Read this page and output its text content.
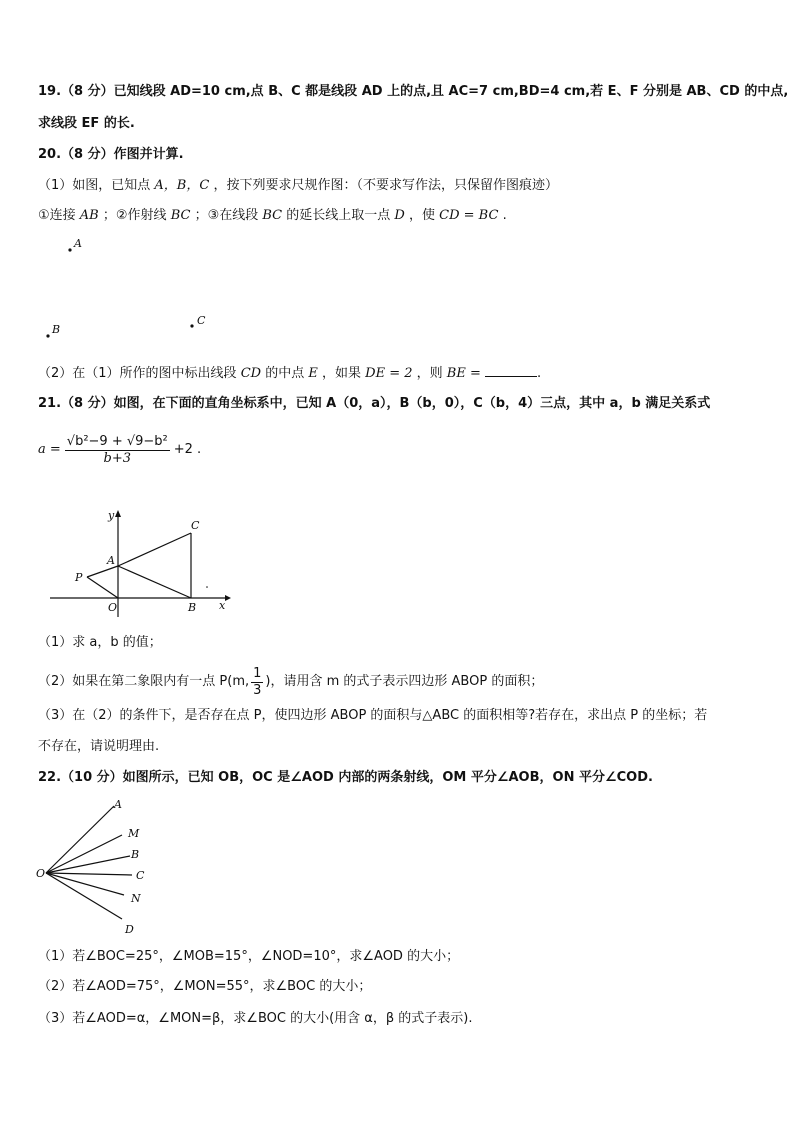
19.（8 分）已知线段 AD=10 cm,点 B、C 都是线段 AD 上的点,且 AC=7 cm,BD=4 cm,若 E、F 分别是 AB、CD 的中点,
求线段 EF 的长.
20.（8 分）作图并计算.
（1）如图，已知点 A，B，C ，按下列要求尺规作图：（不要求写作法，只保留作图痕迹）
①连接 AB ；②作射线 BC ；③在线段 BC 的延长线上取一点 D ，使 CD = BC .
A
B
C
（2）在（1）所作的图中标出线段 CD 的中点 E ，如果 DE = 2 ，则 BE =	.
21.（8 分）如图，在下面的直角坐标系中，已知 A（0，a），B（b，0），C（b，4）三点，其中 a，b 满足关系式
$a = \frac{\text{√b²−9 + √9−b²}}{b+3} +2$ .
y
x
C
A
P
O	B
（1）求 a，b 的值；
（2）如果在第二象限内有一点 P(m, $\frac{1}{3}$ )，请用含 m 的式子表示四边形 ABOP 的面积；
（3）在（2）的条件下，是否存在点 P，使四边形 ABOP 的面积与△ABC 的面积相等?若存在，求出点 P 的坐标；若
不存在，请说明理由.
22.（10 分）如图所示，已知 OB，OC 是∠AOD 内部的两条射线，OM 平分∠AOB，ON 平分∠COD.
A
M
B
O	C
N
D
（1）若∠BOC=25°，∠MOB=15°，∠NOD=10°，求∠AOD 的大小；
（2）若∠AOD=75°，∠MON=55°，求∠BOC 的大小；
（3）若∠AOD=α，∠MON=β，求∠BOC 的大小(用含 α，β 的式子表示).
